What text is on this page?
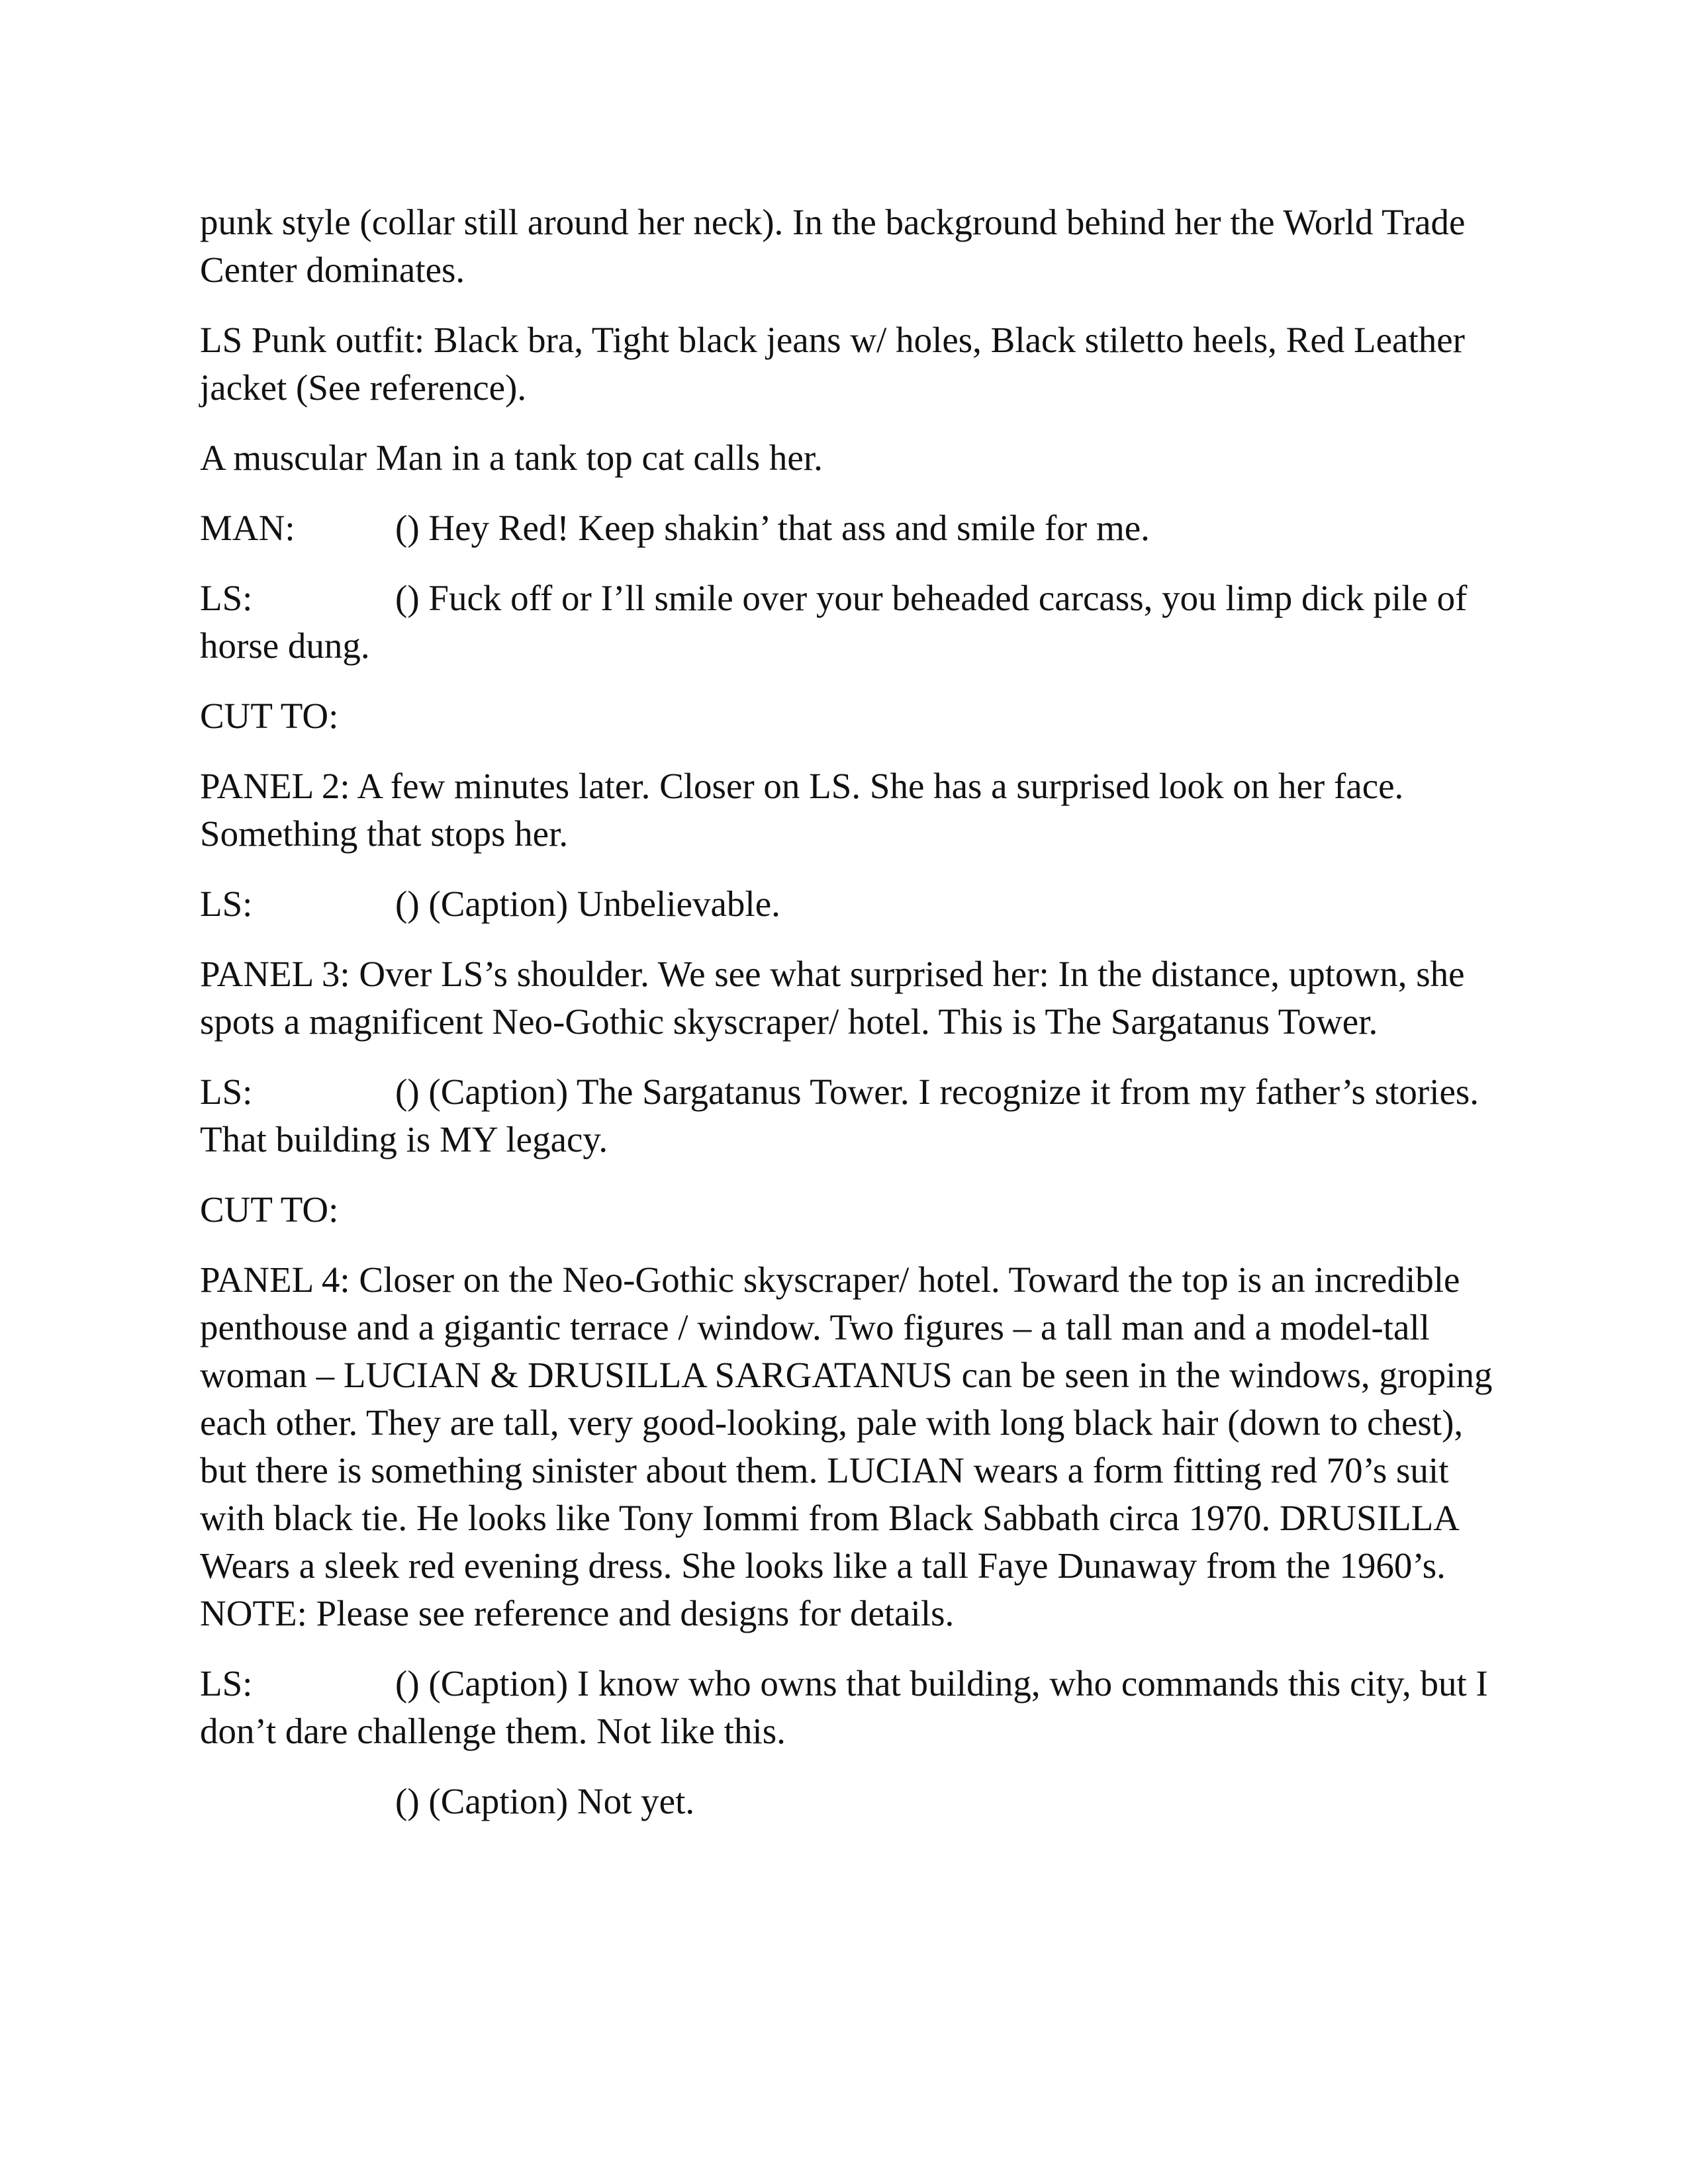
punk style (collar still around her neck). In the background behind her the World Trade Center dominates.

LS Punk outfit: Black bra, Tight black jeans w/ holes, Black stiletto heels, Red Leather jacket (See reference).

A muscular Man in a tank top cat calls her.

MAN:	() Hey Red! Keep shakin’ that ass and smile for me.

LS:	() Fuck off or I’ll smile over your beheaded carcass, you limp dick pile of horse dung.

CUT TO:

PANEL 2: A few minutes later. Closer on LS. She has a surprised look on her face. Something that stops her.

LS:	() (Caption) Unbelievable.

PANEL 3: Over LS’s shoulder. We see what surprised her: In the distance, uptown, she spots a magnificent Neo-Gothic skyscraper/ hotel. This is The Sargatanus Tower.

LS:	() (Caption) The Sargatanus Tower. I recognize it from my father’s stories. That building is MY legacy.

CUT TO:

PANEL 4: Closer on the Neo-Gothic skyscraper/ hotel. Toward the top is an incredible penthouse and a gigantic terrace / window. Two figures – a tall man and a model-tall woman – LUCIAN & DRUSILLA SARGATANUS can be seen in the windows, groping each other. They are tall, very good-looking, pale with long black hair (down to chest), but there is something sinister about them. LUCIAN wears a form fitting red 70’s suit with black tie. He looks like Tony Iommi from Black Sabbath circa 1970. DRUSILLA Wears a sleek red evening dress. She looks like a tall Faye Dunaway from the 1960’s. NOTE: Please see reference and designs for details.

LS:	() (Caption) I know who owns that building, who commands this city, but I don’t dare challenge them. Not like this.

() (Caption) Not yet.
